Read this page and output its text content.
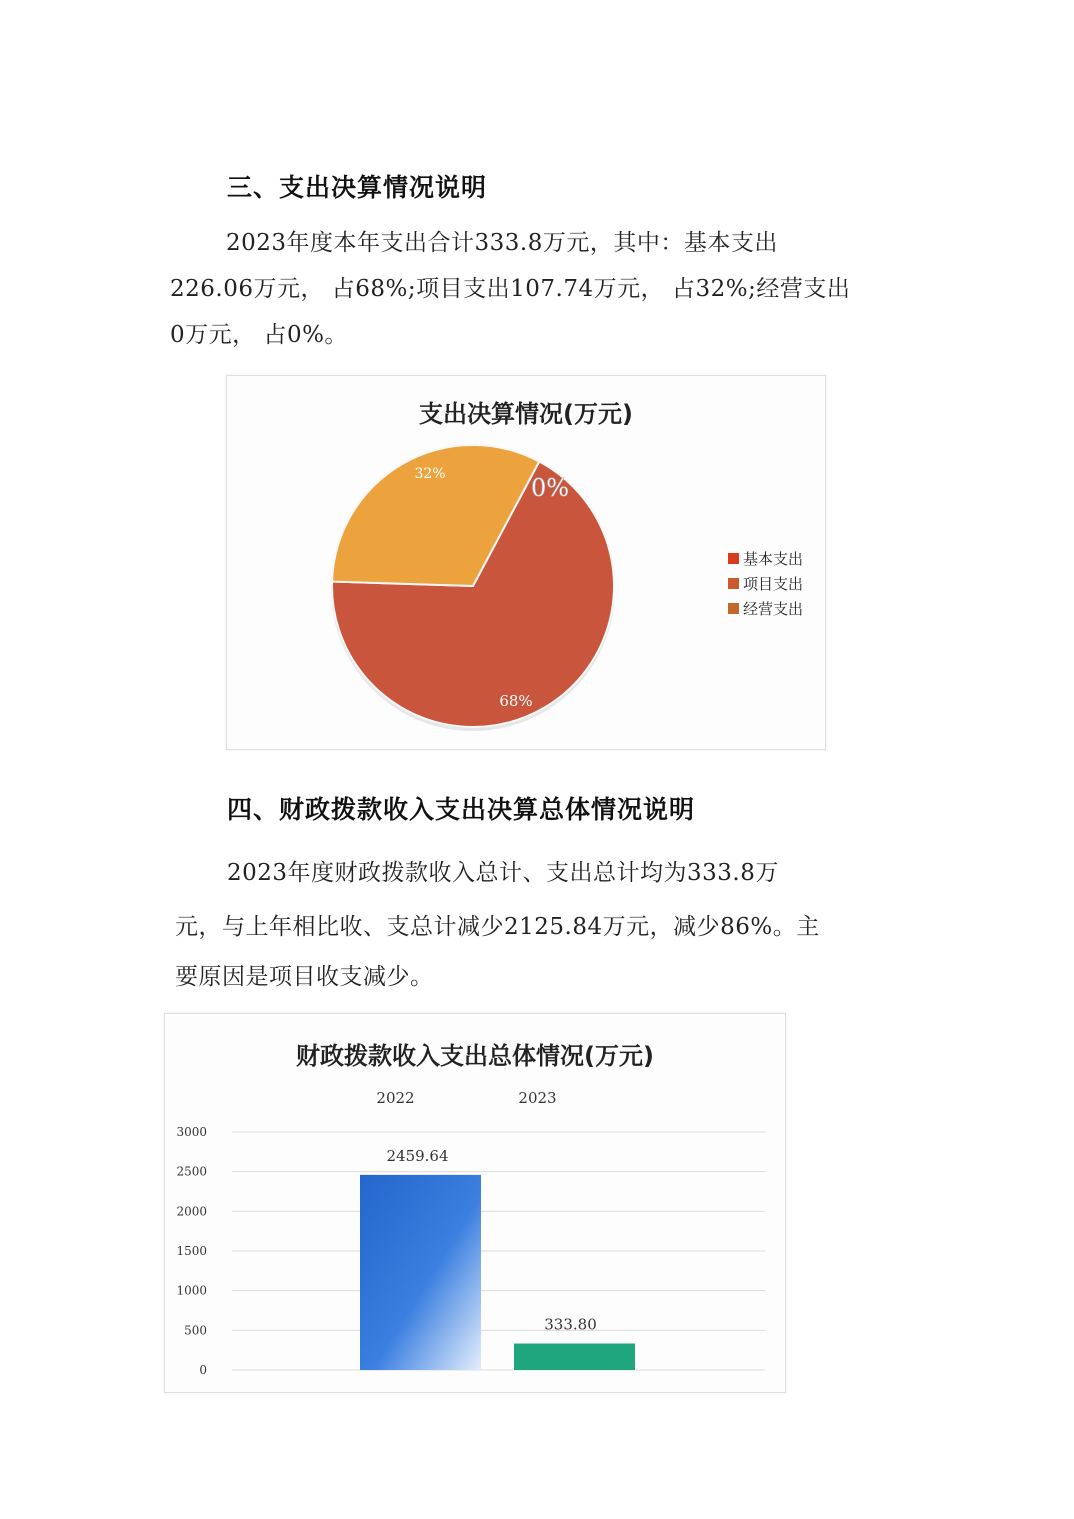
三、支出决算情况说明
2023年度本年支出合计333.8万元，其中：基本支出
226.06万元， 占68%;项目支出107.74万元， 占32%;经营支出
0万元， 占0%。

支出决算情况(万元)

68%
32%	0%
基本支出
项目支出
经营支出
四、财政拨款收入支出决算总体情况说明
2023年度财政拨款收入总计、支出总计均为333.8万
元，与上年相比收、支总计减少2125.84万元，减少86%。主
要原因是项目收支减少。

财政拨款收入支出总体情况(万元)

0
500
1000
1500
2000
2500
3000
2022	2023
2459.64
333.80
